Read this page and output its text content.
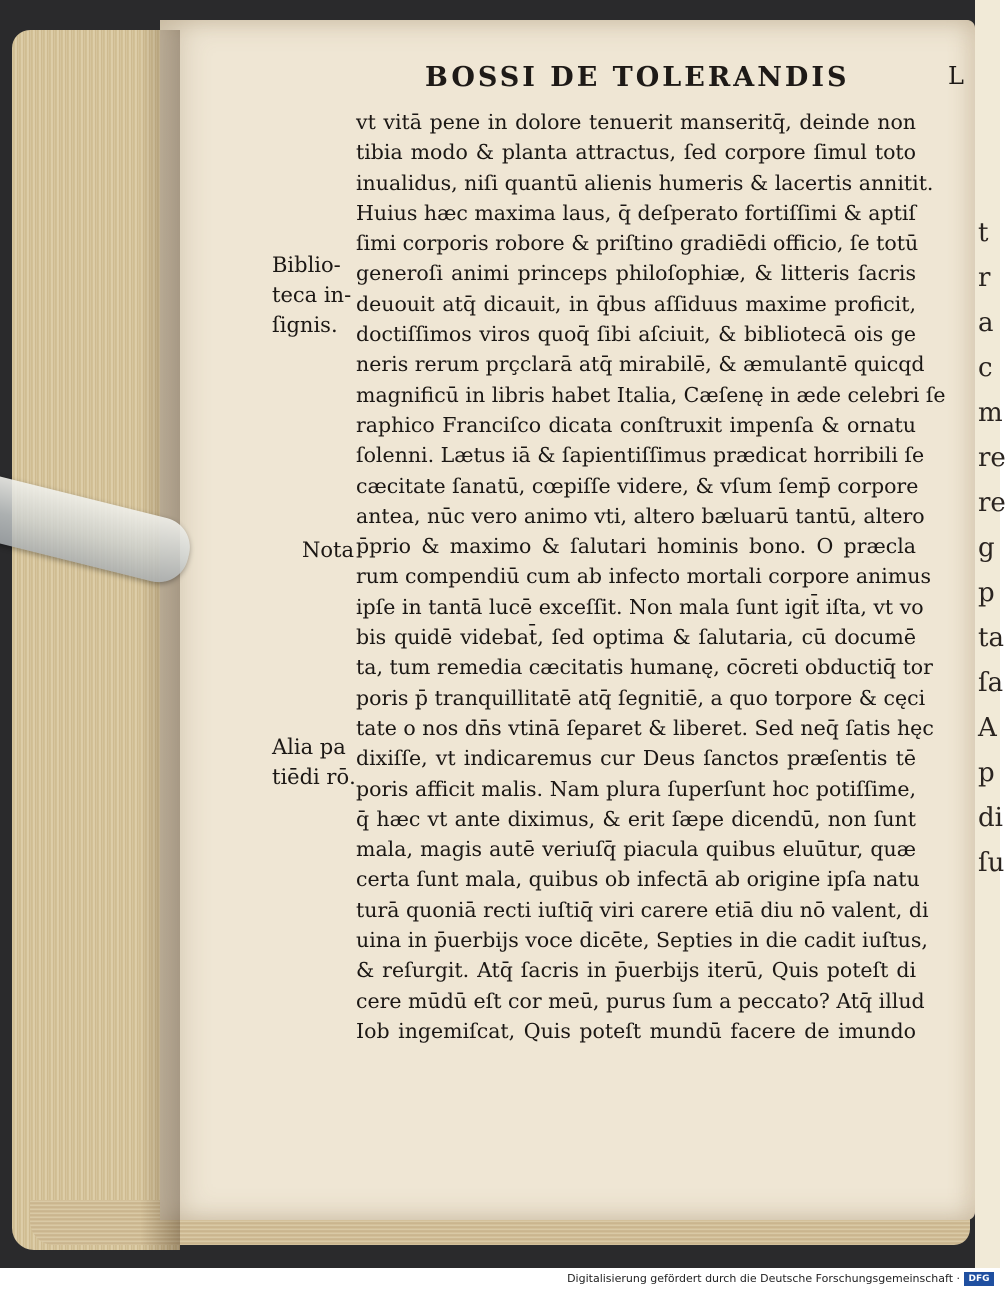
t
r
a
c
m
re
re
g
p
ta
ſa
A
p
di
ſu
BOSSI DE TOLERANDIS	L
vt vitā pene in dolore tenuerit manseritq̄, deinde non
tibia modo & planta attractus, ſed corpore ſimul toto
inualidus, niſi quantū alienis humeris & lacertis annitit.
Huius hæc maxima laus, q̄ deſperato fortiſſimi & aptiſ
ſimi corporis robore & priſtino gradiēdi officio, ſe totū
generoſi animi princeps philoſophiæ, & litteris ſacris
deuouit atq̄ dicauit, in q̄bus aſſiduus maxime proficit,
doctiſſimos viros quoq̄ ſibi aſciuit, & bibliotecā ois ge
neris rerum prçclarā atq̄ mirabilē, & æmulantē quicqd
magnificū in libris habet Italia, Cæſenę in æde celebri ſe
raphico Franciſco dicata conſtruxit impenſa & ornatu
ſolenni. Lætus iā & ſapientiſſimus prædicat horribili ſe
cæcitate ſanatū, cœpiſſe videre, & vſum ſemp̄ corpore
antea, nūc vero animo vti, altero bæluarū tantū, altero
p̄prio & maximo & ſalutari hominis bono. O præcla
rum compendiū cum ab infecto mortali corpore animus
ipſe in tantā lucē exceſſit. Non mala ſunt igit̄ iſta, vt vo
bis quidē videbat̄, ſed optima & ſalutaria, cū documē
ta, tum remedia cæcitatis humanę, cōcreti obductiq̄ tor
poris p̄ tranquillitatē atq̄ ſegnitiē, a quo torpore & cęci
tate o nos dn̄s vtinā ſeparet & liberet. Sed neq̄ ſatis hęc
dixiſſe, vt indicaremus cur Deus ſanctos præſentis tē
poris afficit malis. Nam plura ſuperſunt hoc potiſſime,
q̄ hæc vt ante diximus, & erit ſæpe dicendū, non ſunt
mala, magis autē veriuſq̄ piacula quibus eluūtur, quæ
certa ſunt mala, quibus ob infectā ab origine ipſa natu
turā quoniā recti iuſtiq̄ viri carere etiā diu nō valent, di
uina in p̄uerbijs voce dicēte, Septies in die cadit iuſtus,
& reſurgit. Atq̄ ſacris in p̄uerbijs iterū, Quis poteſt di
cere mūdū eſt cor meū, purus ſum a peccato? Atq̄ illud
Iob ingemiſcat, Quis poteſt mundū facere de imundo
Biblio-
teca in-
ſignis.
Nota
Alia pa
tiēdi rō.
Digitalisierung gefördert durch die Deutsche Forschungsgemeinschaft · DFG
